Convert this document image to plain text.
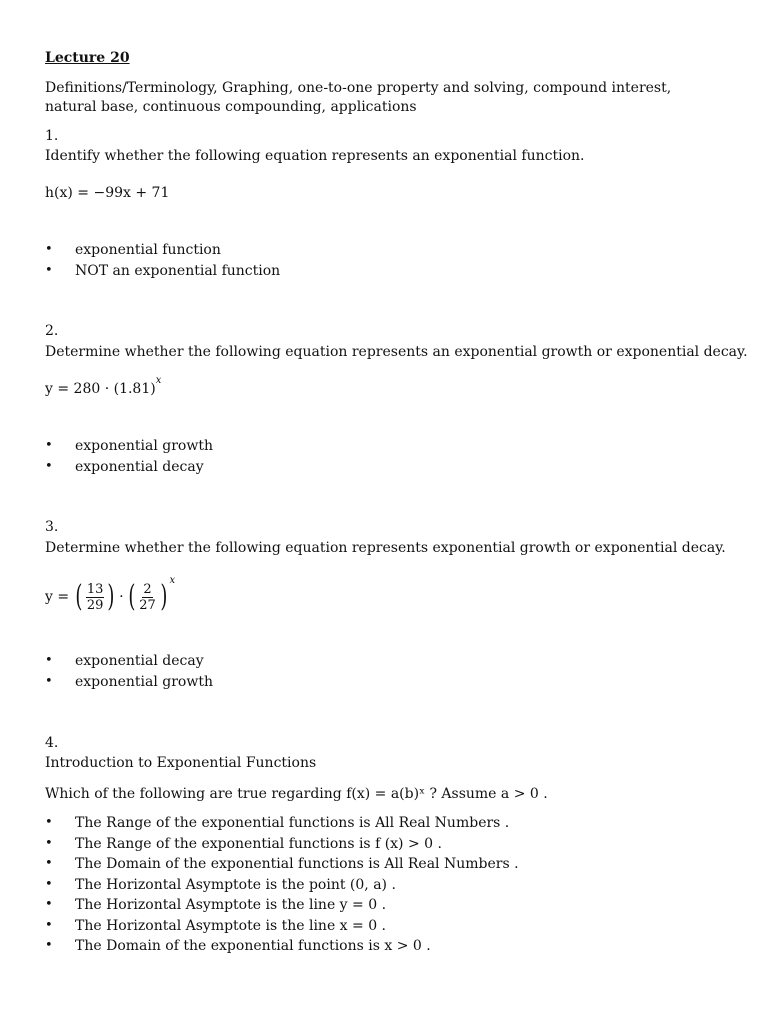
Lecture 20
Definitions/Terminology, Graphing, one-to-one property and solving, compound interest, natural base, continuous compounding, applications
1.
Identify whether the following equation represents an exponential function.
h(x) = −99x + 71
• exponential function
• NOT an exponential function
2.
Determine whether the following equation represents an exponential growth or exponential decay.
$y = 280 \cdot (1.81)^x$
• exponential growth
• exponential decay
3.
Determine whether the following equation represents exponential growth or exponential decay.
y = ( $\frac{13}{29}$ ) · ( $\frac{2}{27}$ ) x
• exponential decay
• exponential growth
4.
Introduction to Exponential Functions
Which of the following are true regarding f(x) = a(b)ˣ ? Assume a > 0 .
• The Range of the exponential functions is All Real Numbers .
• The Range of the exponential functions is f (x) > 0 .
• The Domain of the exponential functions is All Real Numbers .
• The Horizontal Asymptote is the point (0, a) .
• The Horizontal Asymptote is the line y = 0 .
• The Horizontal Asymptote is the line x = 0 .
• The Domain of the exponential functions is x > 0 .
